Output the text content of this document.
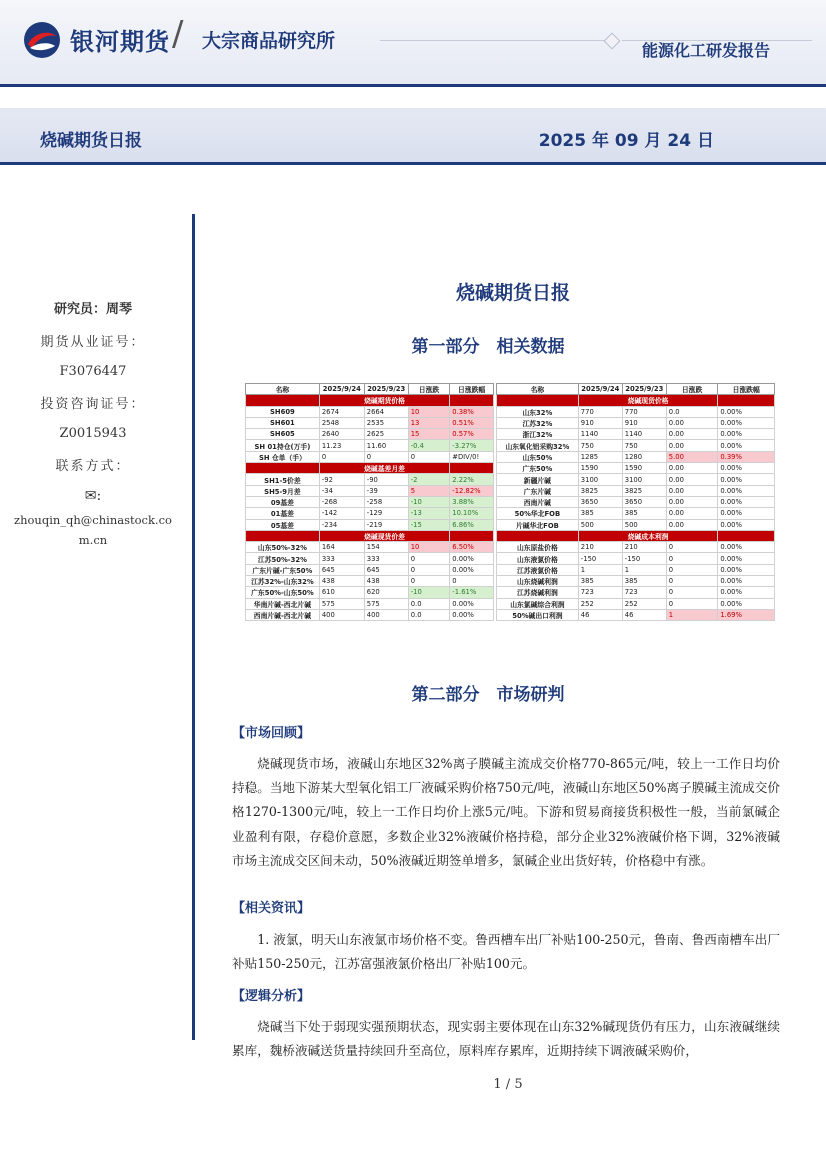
银河期货 / 大宗商品研究所	能源化工研发报告
烧碱期货日报	2025 年 09 月 24 日
研究员：周琴
期货从业证号：
F3076447
投资咨询证号：
Z0015943
联系方式：
✉:
zhouqin_qh@chinastock.com.cn
烧碱期货日报
第一部分　相关数据
名称	2025/9/24	2025/9/23	日涨跌	日涨跌幅
	烧碱期货价格			
SH609	2674	2664	10	0.38%
SH601	2548	2535	13	0.51%
SH605	2640	2625	15	0.57%
SH 01持仓(万手)	11.23	11.60	-0.4	-3.27%
SH 仓单（手）	0	0	0	#DIV/0!
	烧碱基差月差			
SH1-5价差	-92	-90	-2	2.22%
SH5-9月差	-34	-39	5	-12.82%
09基差	-268	-258	-10	3.88%
01基差	-142	-129	-13	10.10%
05基差	-234	-219	-15	6.86%
	烧碱现货价差			
山东50%-32%	164	154	10	6.50%
江苏50%-32%	333	333	0	0.00%
广东片碱-广东50%	645	645	0	0.00%
江苏32%-山东32%	438	438	0	0
广东50%-山东50%	610	620	-10	-1.61%
华南片碱-西北片碱	575	575	0.0	0.00%
西南片碱-西北片碱	400	400	0.0	0.00%
名称	2025/9/24	2025/9/23	日涨跌	日涨跌幅
	烧碱现货价格			
山东32%	770	770	0.0	0.00%
江苏32%	910	910	0.00	0.00%
浙江32%	1140	1140	0.00	0.00%
山东氧化铝采购32%	750	750	0.00	0.00%
山东50%	1285	1280	5.00	0.39%
广东50%	1590	1590	0.00	0.00%
新疆片碱	3100	3100	0.00	0.00%
广东片碱	3825	3825	0.00	0.00%
西南片碱	3650	3650	0.00	0.00%
50%华北FOB	385	385	0.00	0.00%
片碱华北FOB	500	500	0.00	0.00%
	烧碱成本利润			
山东原盐价格	210	210	0	0.00%
山东液氯价格	-150	-150	0	0.00%
江苏液氯价格	1	1	0	0.00%
山东烧碱利润	385	385	0	0.00%
江苏烧碱利润	723	723	0	0.00%
山东氯碱综合利润	252	252	0	0.00%
50%碱出口利润	46	46	1	1.69%
第二部分　市场研判
【市场回顾】

烧碱现货市场，液碱山东地区32%离子膜碱主流成交价格770-865元/吨，较上一工作日均价持稳。当地下游某大型氧化铝工厂液碱采购价格750元/吨，液碱山东地区50%离子膜碱主流成交价格1270-1300元/吨，较上一工作日均价上涨5元/吨。下游和贸易商接货积极性一般，当前氯碱企业盈利有限，存稳价意愿，多数企业32%液碱价格持稳，部分企业32%液碱价格下调，32%液碱市场主流成交区间未动，50%液碱近期签单增多，氯碱企业出货好转，价格稳中有涨。

【相关资讯】

1. 液氯，明天山东液氯市场价格不变。鲁西槽车出厂补贴100-250元，鲁南、鲁西南槽车出厂补贴150-250元，江苏富强液氯价格出厂补贴100元。

【逻辑分析】

烧碱当下处于弱现实强预期状态，现实弱主要体现在山东32%碱现货仍有压力，山东液碱继续累库，魏桥液碱送货量持续回升至高位，原料库存累库，近期持续下调液碱采购价，

1 / 5
